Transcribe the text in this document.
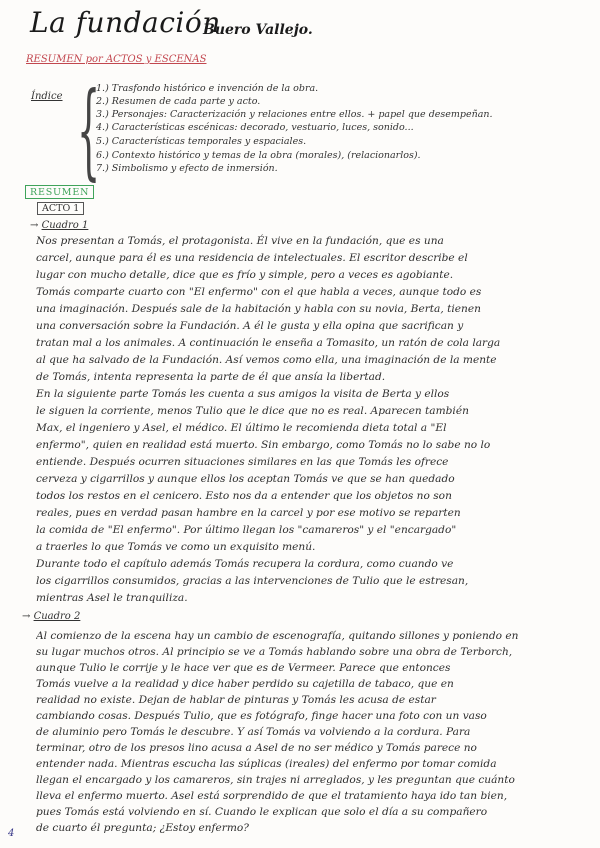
La fundación
Buero Vallejo.
RESUMEN por ACTOS y ESCENAS
Índice {
1.) Trasfondo histórico e invención de la obra.
2.) Resumen de cada parte y acto.
3.) Personajes: Caracterización y relaciones entre ellos. + papel que desempeñan.
4.) Características escénicas: decorado, vestuario, luces, sonido...
5.) Características temporales y espaciales.
6.) Contexto histórico y temas de la obra (morales), (relacionarlos).
7.) Simbolismo y efecto de inmersión.
RESUMEN
ACTO 1
→ Cuadro 1
Nos presentan a Tomás, el protagonista. Él vive en la fundación, que es una
carcel, aunque para él es una residencia de intelectuales. El escritor describe el
lugar con mucho detalle, dice que es frío y simple, pero a veces es agobiante.
Tomás comparte cuarto con "El enfermo" con el que habla a veces, aunque todo es
una imaginación. Después sale de la habitación y habla con su novia, Berta, tienen
una conversación sobre la Fundación. A él le gusta y ella opina que sacrifican y
tratan mal a los animales. A continuación le enseña a Tomasito, un ratón de cola larga
al que ha salvado de la Fundación. Así vemos como ella, una imaginación de la mente
de Tomás, intenta representa la parte de él que ansía la libertad.
En la siguiente parte Tomás les cuenta a sus amigos la visita de Berta y ellos
le siguen la corriente, menos Tulio que le dice que no es real. Aparecen también
Max, el ingeniero y Asel, el médico. El último le recomienda dieta total a "El
enfermo", quien en realidad está muerto. Sin embargo, como Tomás no lo sabe no lo
entiende. Después ocurren situaciones similares en las que Tomás les ofrece
cerveza y cigarrillos y aunque ellos los aceptan Tomás ve que se han quedado
todos los restos en el cenicero. Esto nos da a entender que los objetos no son
reales, pues en verdad pasan hambre en la carcel y por ese motivo se reparten
la comida de "El enfermo". Por último llegan los "camareros" y el "encargado"
a traerles lo que Tomás ve como un exquisito menú.
Durante todo el capítulo además Tomás recupera la cordura, como cuando ve
los cigarrillos consumidos, gracias a las intervenciones de Tulio que le estresan,
mientras Asel le tranquiliza.
→ Cuadro 2
Al comienzo de la escena hay un cambio de escenografía, quitando sillones y poniendo en
su lugar muchos otros. Al principio se ve a Tomás hablando sobre una obra de Terborch,
aunque Tulio le corrije y le hace ver que es de Vermeer. Parece que entonces
Tomás vuelve a la realidad y dice haber perdido su cajetilla de tabaco, que en
realidad no existe. Dejan de hablar de pinturas y Tomás les acusa de estar
cambiando cosas. Después Tulio, que es fotógrafo, finge hacer una foto con un vaso
de aluminio pero Tomás le descubre. Y así Tomás va volviendo a la cordura. Para
terminar, otro de los presos lino acusa a Asel de no ser médico y Tomás parece no
entender nada. Mientras escucha las súplicas (ireales) del enfermo por tomar comida
llegan el encargado y los camareros, sin trajes ni arreglados, y les preguntan que cuánto
lleva el enfermo muerto. Asel está sorprendido de que el tratamiento haya ido tan bien,
pues Tomás está volviendo en sí. Cuando le explican que solo el día a su compañero
de cuarto él pregunta; ¿Estoy enfermo?
4
